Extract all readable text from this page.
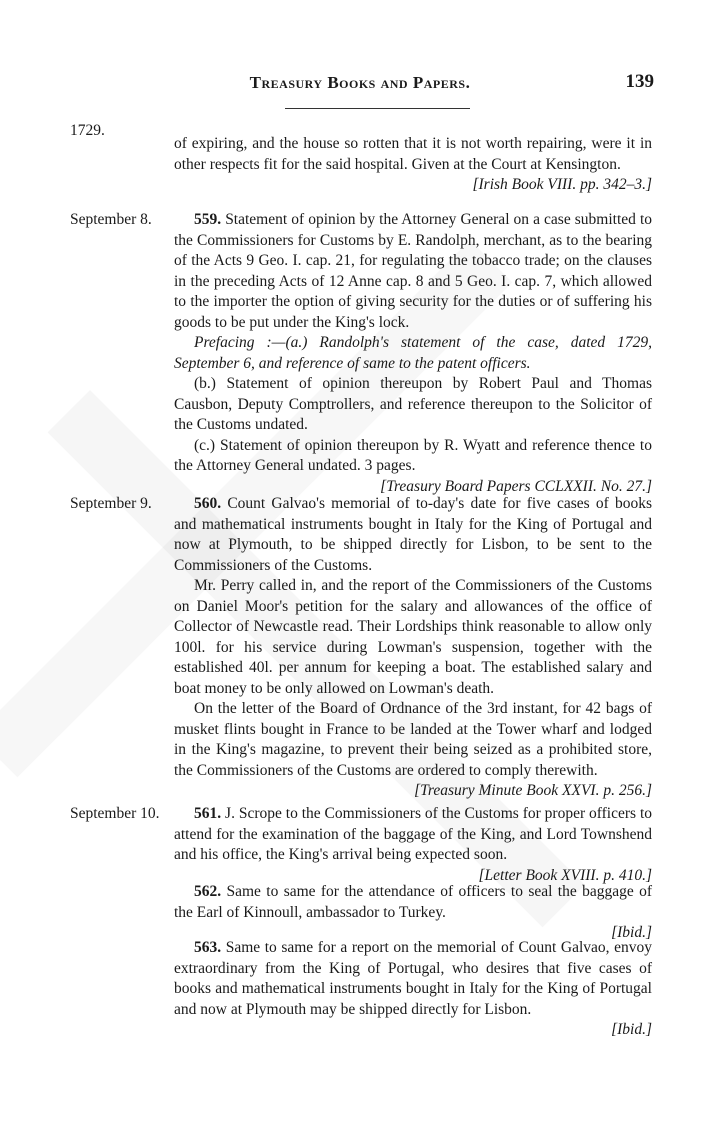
Treasury Books and Papers.	139
1729.

of expiring, and the house so rotten that it is not worth repairing, were it in other respects fit for the said hospital. Given at the Court at Kensington.

[Irish Book VIII. pp. 342–3.]

September 8.	559. Statement of opinion by the Attorney General on a case submitted to the Commissioners for Customs by E. Randolph, merchant, as to the bearing of the Acts 9 Geo. I. cap. 21, for regulating the tobacco trade; on the clauses in the preceding Acts of 12 Anne cap. 8 and 5 Geo. I. cap. 7, which allowed to the importer the option of giving security for the duties or of suffering his goods to be put under the King's lock.

Prefacing :—(a.) Randolph's statement of the case, dated 1729, September 6, and reference of same to the patent officers.

(b.) Statement of opinion thereupon by Robert Paul and Thomas Causbon, Deputy Comptrollers, and reference thereupon to the Solicitor of the Customs undated.

(c.) Statement of opinion thereupon by R. Wyatt and reference thence to the Attorney General undated. 3 pages.

[Treasury Board Papers CCLXXII. No. 27.]

September 9.	560. Count Galvao's memorial of to-day's date for five cases of books and mathematical instruments bought in Italy for the King of Portugal and now at Plymouth, to be shipped directly for Lisbon, to be sent to the Commissioners of the Customs.

Mr. Perry called in, and the report of the Commissioners of the Customs on Daniel Moor's petition for the salary and allowances of the office of Collector of Newcastle read. Their Lordships think reasonable to allow only 100l. for his service during Lowman's suspension, together with the established 40l. per annum for keeping a boat. The established salary and boat money to be only allowed on Lowman's death.

On the letter of the Board of Ordnance of the 3rd instant, for 42 bags of musket flints bought in France to be landed at the Tower wharf and lodged in the King's magazine, to prevent their being seized as a prohibited store, the Commissioners of the Customs are ordered to comply therewith.

[Treasury Minute Book XXVI. p. 256.]

September 10.	561. J. Scrope to the Commissioners of the Customs for proper officers to attend for the examination of the baggage of the King, and Lord Townshend and his office, the King's arrival being expected soon.

[Letter Book XVIII. p. 410.]

562. Same to same for the attendance of officers to seal the baggage of the Earl of Kinnoull, ambassador to Turkey.

[Ibid.]

563. Same to same for a report on the memorial of Count Galvao, envoy extraordinary from the King of Portugal, who desires that five cases of books and mathematical instruments bought in Italy for the King of Portugal and now at Plymouth may be shipped directly for Lisbon.

[Ibid.]
